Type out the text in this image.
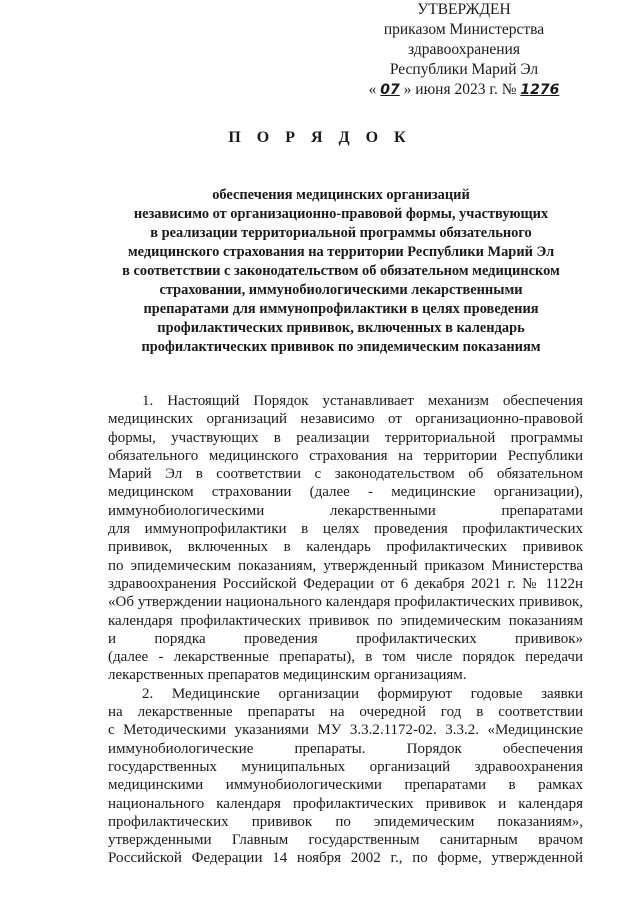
УТВЕРЖДЕН
приказом Министерства
здравоохранения
Республики Марий Эл
« 07 » июня 2023 г. № 1276
П О Р Я Д О К
обеспечения медицинских организаций
независимо от организационно-правовой формы, участвующих
в реализации территориальной программы обязательного
медицинского страхования на территории Республики Марий Эл
в соответствии с законодательством об обязательном медицинском
страховании, иммунобиологическими лекарственными
препаратами для иммунопрофилактики в целях проведения
профилактических прививок, включенных в календарь
профилактических прививок по эпидемическим показаниям
1. Настоящий Порядок устанавливает механизм обеспечения
медицинских организаций независимо от организационно-правовой
формы, участвующих в реализации территориальной программы
обязательного медицинского страхования на территории Республики
Марий Эл в соответствии с законодательством об обязательном
медицинском страховании (далее - медицинские организации),
иммунобиологическими лекарственными препаратами
для иммунопрофилактики в целях проведения профилактических
прививок, включенных в календарь профилактических прививок
по эпидемическим показаниям, утвержденный приказом Министерства
здравоохранения Российской Федерации от 6 декабря 2021 г. № 1122н
«Об утверждении национального календаря профилактических прививок,
календаря профилактических прививок по эпидемическим показаниям
и порядка проведения профилактических прививок»
(далее - лекарственные препараты), в том числе порядок передачи
лекарственных препаратов медицинским организациям.
2. Медицинские организации формируют годовые заявки
на лекарственные препараты на очередной год в соответствии
с Методическими указаниями МУ 3.3.2.1172-02. 3.3.2. «Медицинские
иммунобиологические препараты. Порядок обеспечения
государственных муниципальных организаций здравоохранения
медицинскими иммунобиологическими препаратами в рамках
национального календаря профилактических прививок и календаря
профилактических прививок по эпидемическим показаниям»,
утвержденными Главным государственным санитарным врачом
Российской Федерации 14 ноября 2002 г., по форме, утвержденной
